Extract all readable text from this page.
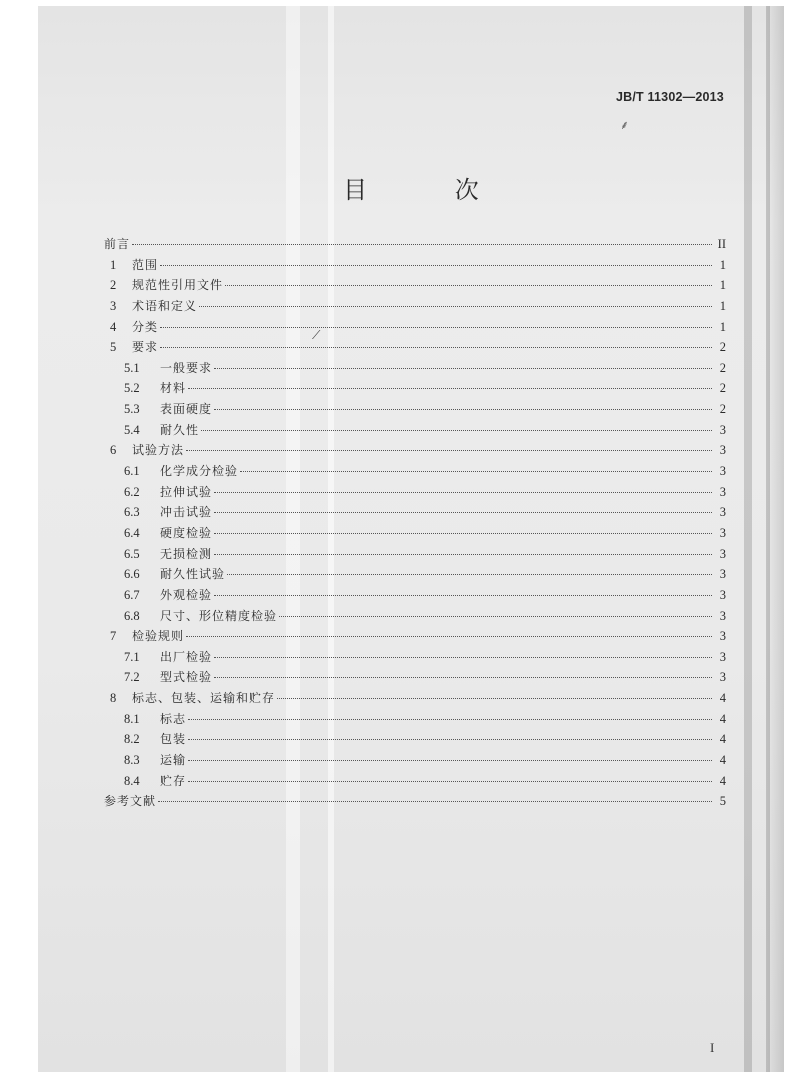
JB/T 11302—2013
⸙
目 次
⟋
前言	II
1	范围	1
2	规范性引用文件	1
3	术语和定义	1
4	分类	1
5	要求	2
5.1	一般要求	2
5.2	材料	2
5.3	表面硬度	2
5.4	耐久性	3
6	试验方法	3
6.1	化学成分检验	3
6.2	拉伸试验	3
6.3	冲击试验	3
6.4	硬度检验	3
6.5	无损检测	3
6.6	耐久性试验	3
6.7	外观检验	3
6.8	尺寸、形位精度检验	3
7	检验规则	3
7.1	出厂检验	3
7.2	型式检验	3
8	标志、包装、运输和贮存	4
8.1	标志	4
8.2	包装	4
8.3	运输	4
8.4	贮存	4
参考文献	5
I
